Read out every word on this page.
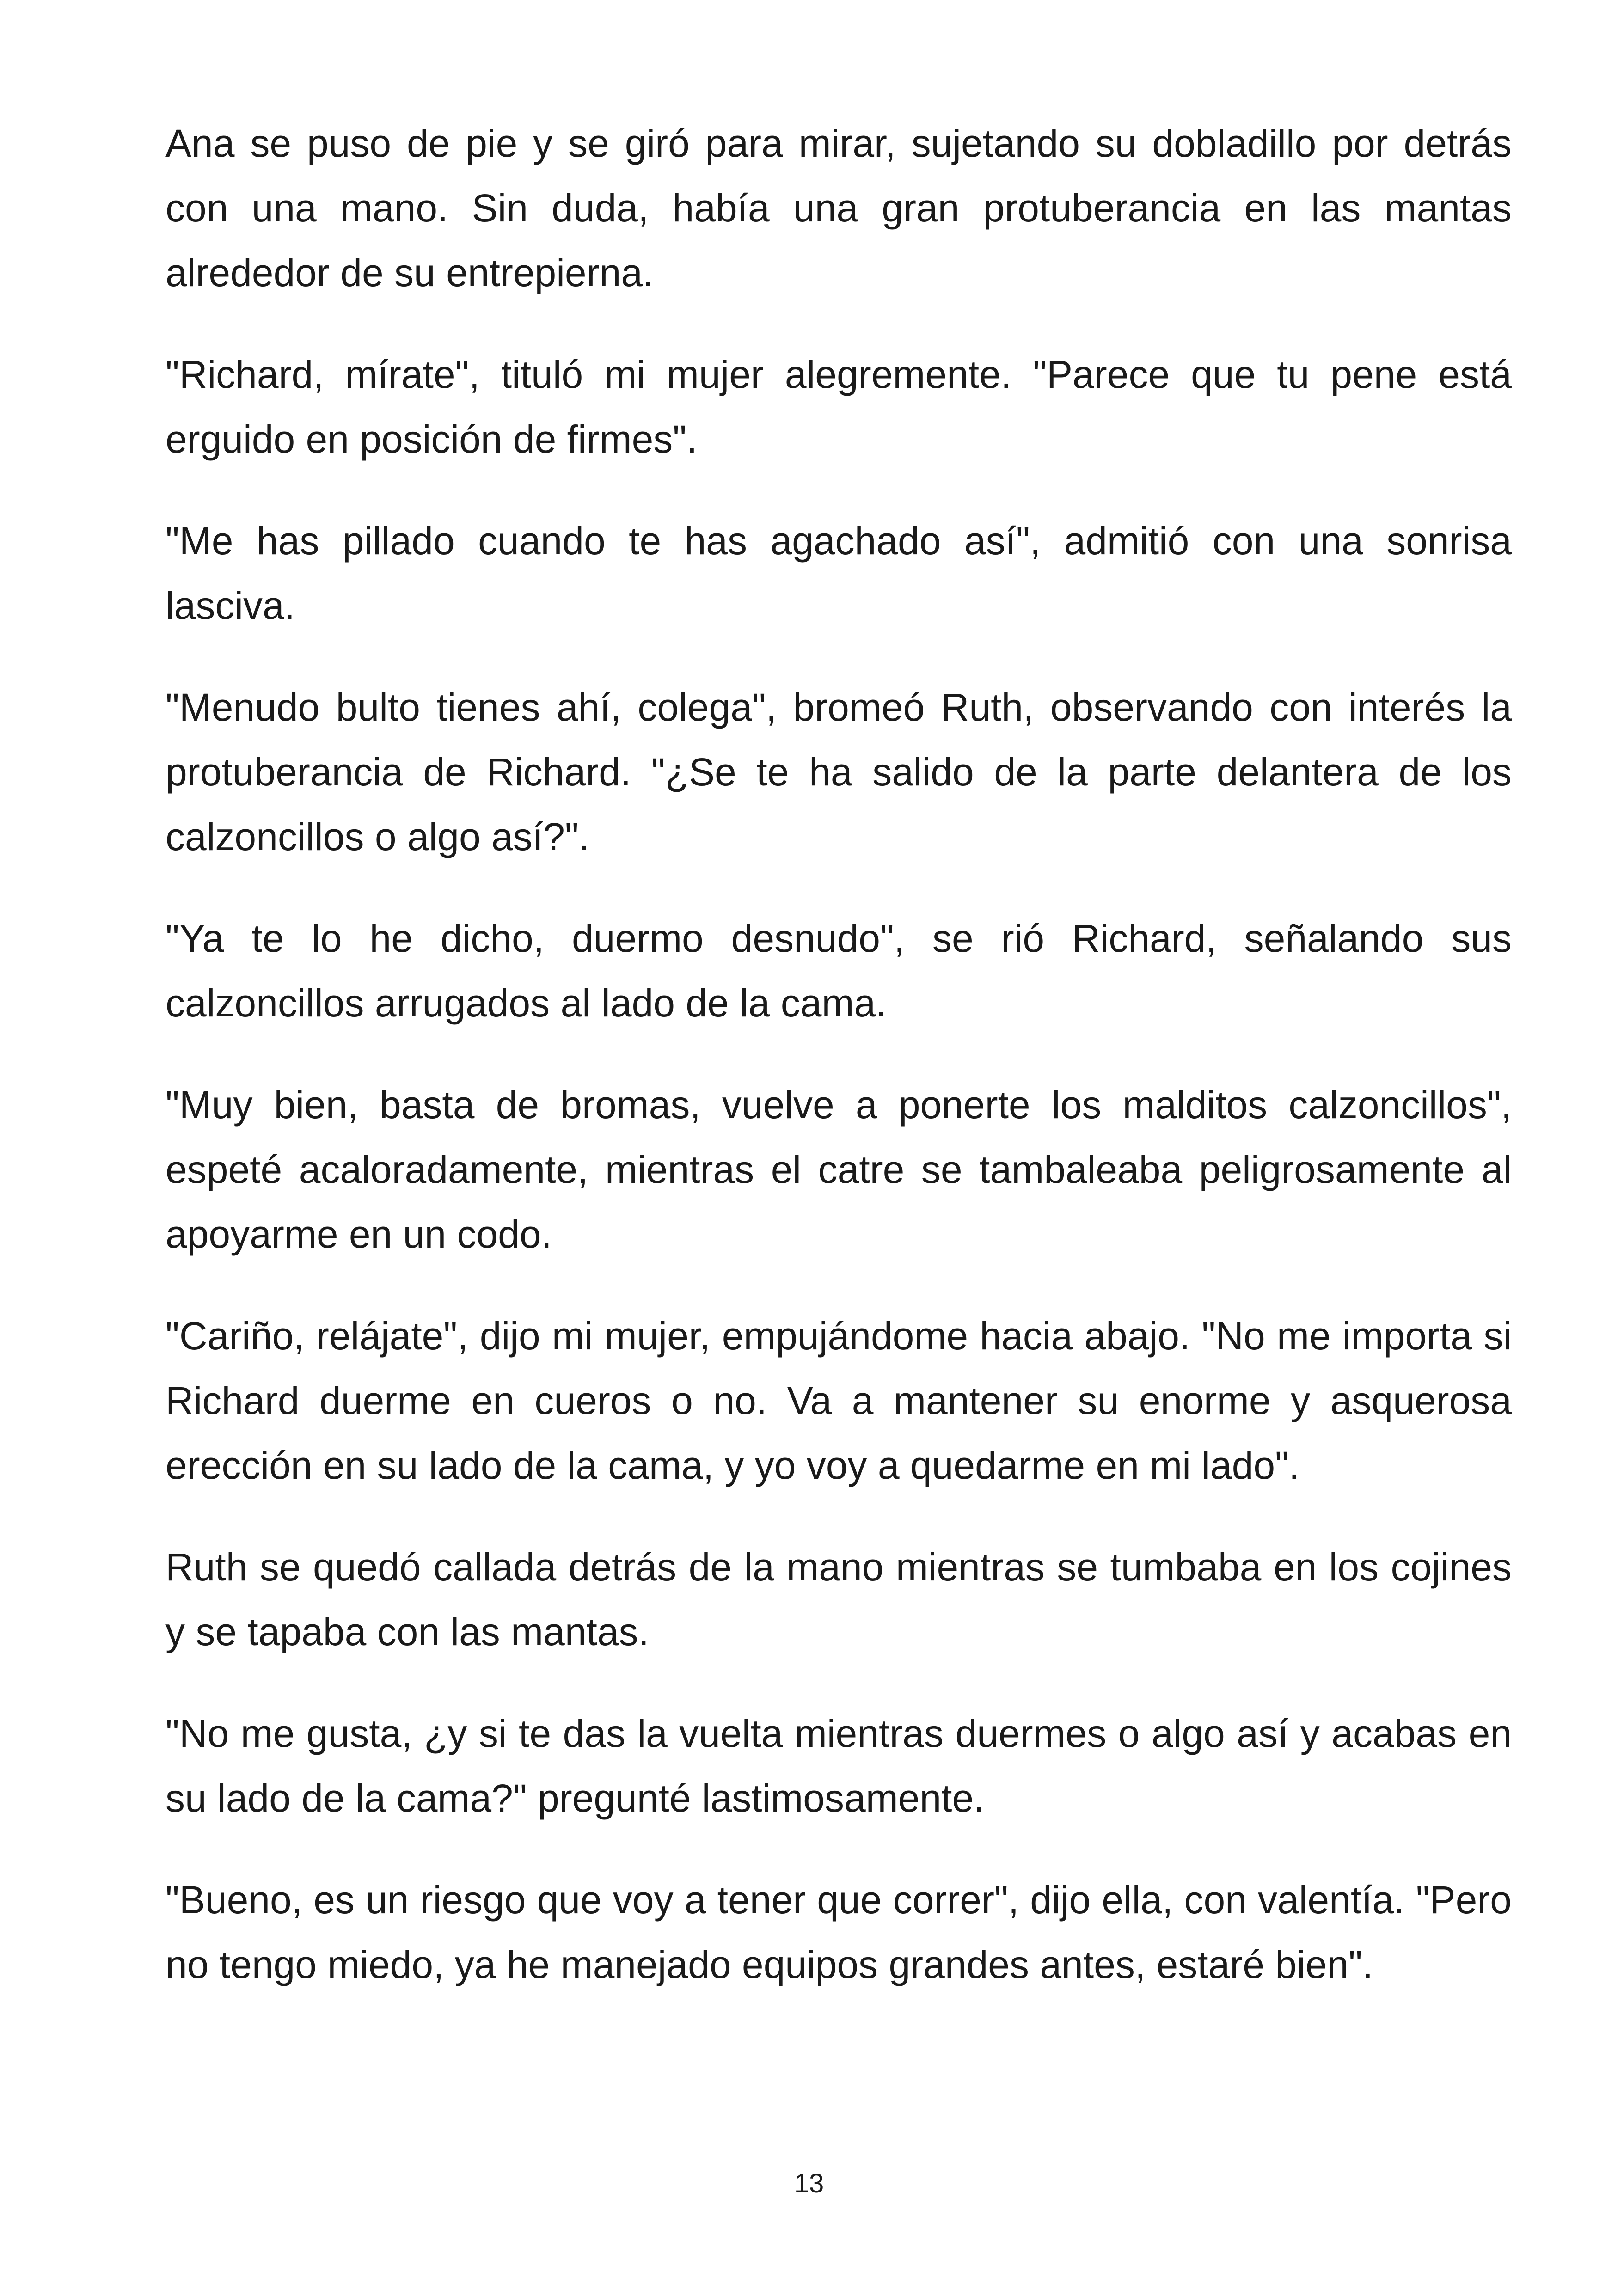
Ana se puso de pie y se giró para mirar, sujetando su dobladillo por detrás con una mano. Sin duda, había una gran protuberancia en las mantas alrededor de su entrepierna.

"Richard, mírate", tituló mi mujer alegremente. "Parece que tu pene está erguido en posición de firmes".

"Me has pillado cuando te has agachado así", admitió con una sonrisa lasciva.

"Menudo bulto tienes ahí, colega", bromeó Ruth, observando con interés la protuberancia de Richard. "¿Se te ha salido de la parte delantera de los calzoncillos o algo así?".

"Ya te lo he dicho, duermo desnudo", se rió Richard, señalando sus calzoncillos arrugados al lado de la cama.

"Muy bien, basta de bromas, vuelve a ponerte los malditos calzoncillos", espeté acaloradamente, mientras el catre se tambaleaba peligrosamente al apoyarme en un codo.

"Cariño, relájate", dijo mi mujer, empujándome hacia abajo. "No me importa si Richard duerme en cueros o no. Va a mantener su enorme y asquerosa erección en su lado de la cama, y yo voy a quedarme en mi lado".

Ruth se quedó callada detrás de la mano mientras se tumbaba en los cojines y se tapaba con las mantas.

"No me gusta, ¿y si te das la vuelta mientras duermes o algo así y acabas en su lado de la cama?" pregunté lastimosamente.

"Bueno, es un riesgo que voy a tener que correr", dijo ella, con valentía. "Pero no tengo miedo, ya he manejado equipos grandes antes, estaré bien".

13
